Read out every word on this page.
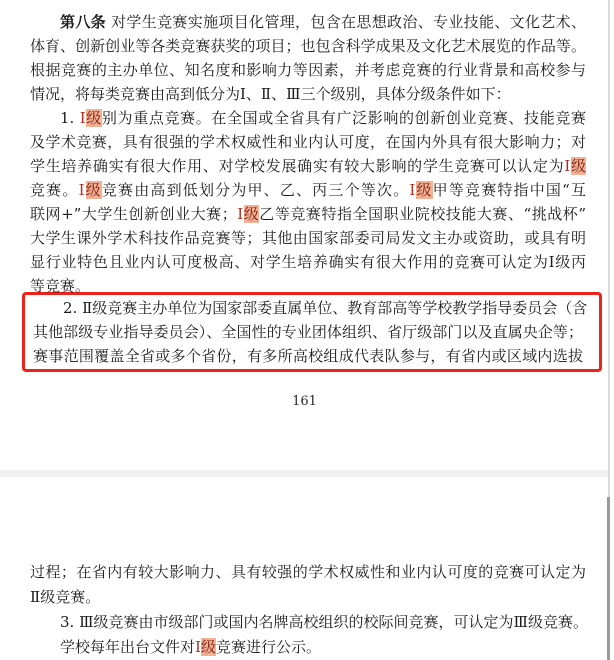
第八条 对学生竞赛实施项目化管理，包含在思想政治、专业技能、文化艺术、
体育、创新创业等各类竞赛获奖的项目；也包含科学成果及文化艺术展览的作品等。
根据竞赛的主办单位、知名度和影响力等因素，并考虑竞赛的行业背景和高校参与
情况，将每类竞赛由高到低分为Ⅰ、Ⅱ、Ⅲ三个级别，具体分级条件如下：
1. Ⅰ级别为重点竞赛。在全国或全省具有广泛影响的创新创业竞赛、技能竞赛
及学术竞赛，具有很强的学术权威性和业内认可度，在国内外具有很大影响力；对
学生培养确实有很大作用、对学校发展确实有较大影响的学生竞赛可以认定为Ⅰ级
竞赛。Ⅰ级竞赛由高到低划分为甲、乙、丙三个等次。Ⅰ级甲等竞赛特指中国“互
联网+”大学生创新创业大赛；Ⅰ级乙等竞赛特指全国职业院校技能大赛、“挑战杯”
大学生课外学术科技作品竞赛等；其他由国家部委司局发文主办或资助，或具有明
显行业特色且业内认可度极高、对学生培养确实有很大作用的竞赛可认定为Ⅰ级丙
等竞赛。
2. Ⅱ级竞赛主办单位为国家部委直属单位、教育部高等学校教学指导委员会（含
其他部级专业指导委员会）、全国性的专业团体组织、省厅级部门以及直属央企等；
赛事范围覆盖全省或多个省份，有多所高校组成代表队参与，有省内或区域内选拔
161
过程；在省内有较大影响力、具有较强的学术权威性和业内认可度的竞赛可认定为
Ⅱ级竞赛。
3. Ⅲ级竞赛由市级部门或国内名牌高校组织的校际间竞赛，可认定为Ⅲ级竞赛。
学校每年出台文件对Ⅰ级竞赛进行公示。
